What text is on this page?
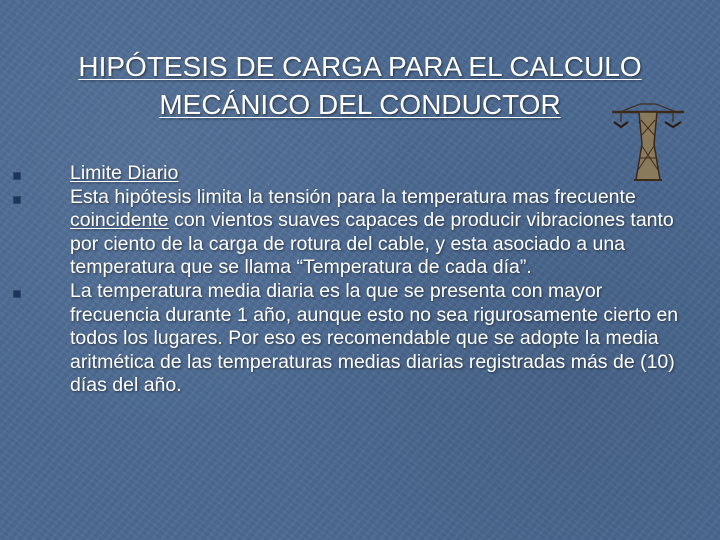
HIPÓTESIS DE CARGA PARA EL CALCULO
MECÁNICO DEL CONDUCTOR
Limite Diario
Esta hipótesis limita la tensión para la temperatura mas frecuente coincidente con vientos suaves capaces de producir vibraciones tanto por ciento de la carga de rotura del cable, y esta asociado a una temperatura que se llama “Temperatura de cada día”.
La temperatura media diaria es la que se presenta con mayor frecuencia durante 1 año, aunque esto no sea rigurosamente cierto en todos los lugares. Por eso es recomendable que se adopte la media aritmética de las temperaturas medias diarias registradas más de (10) días del año.
